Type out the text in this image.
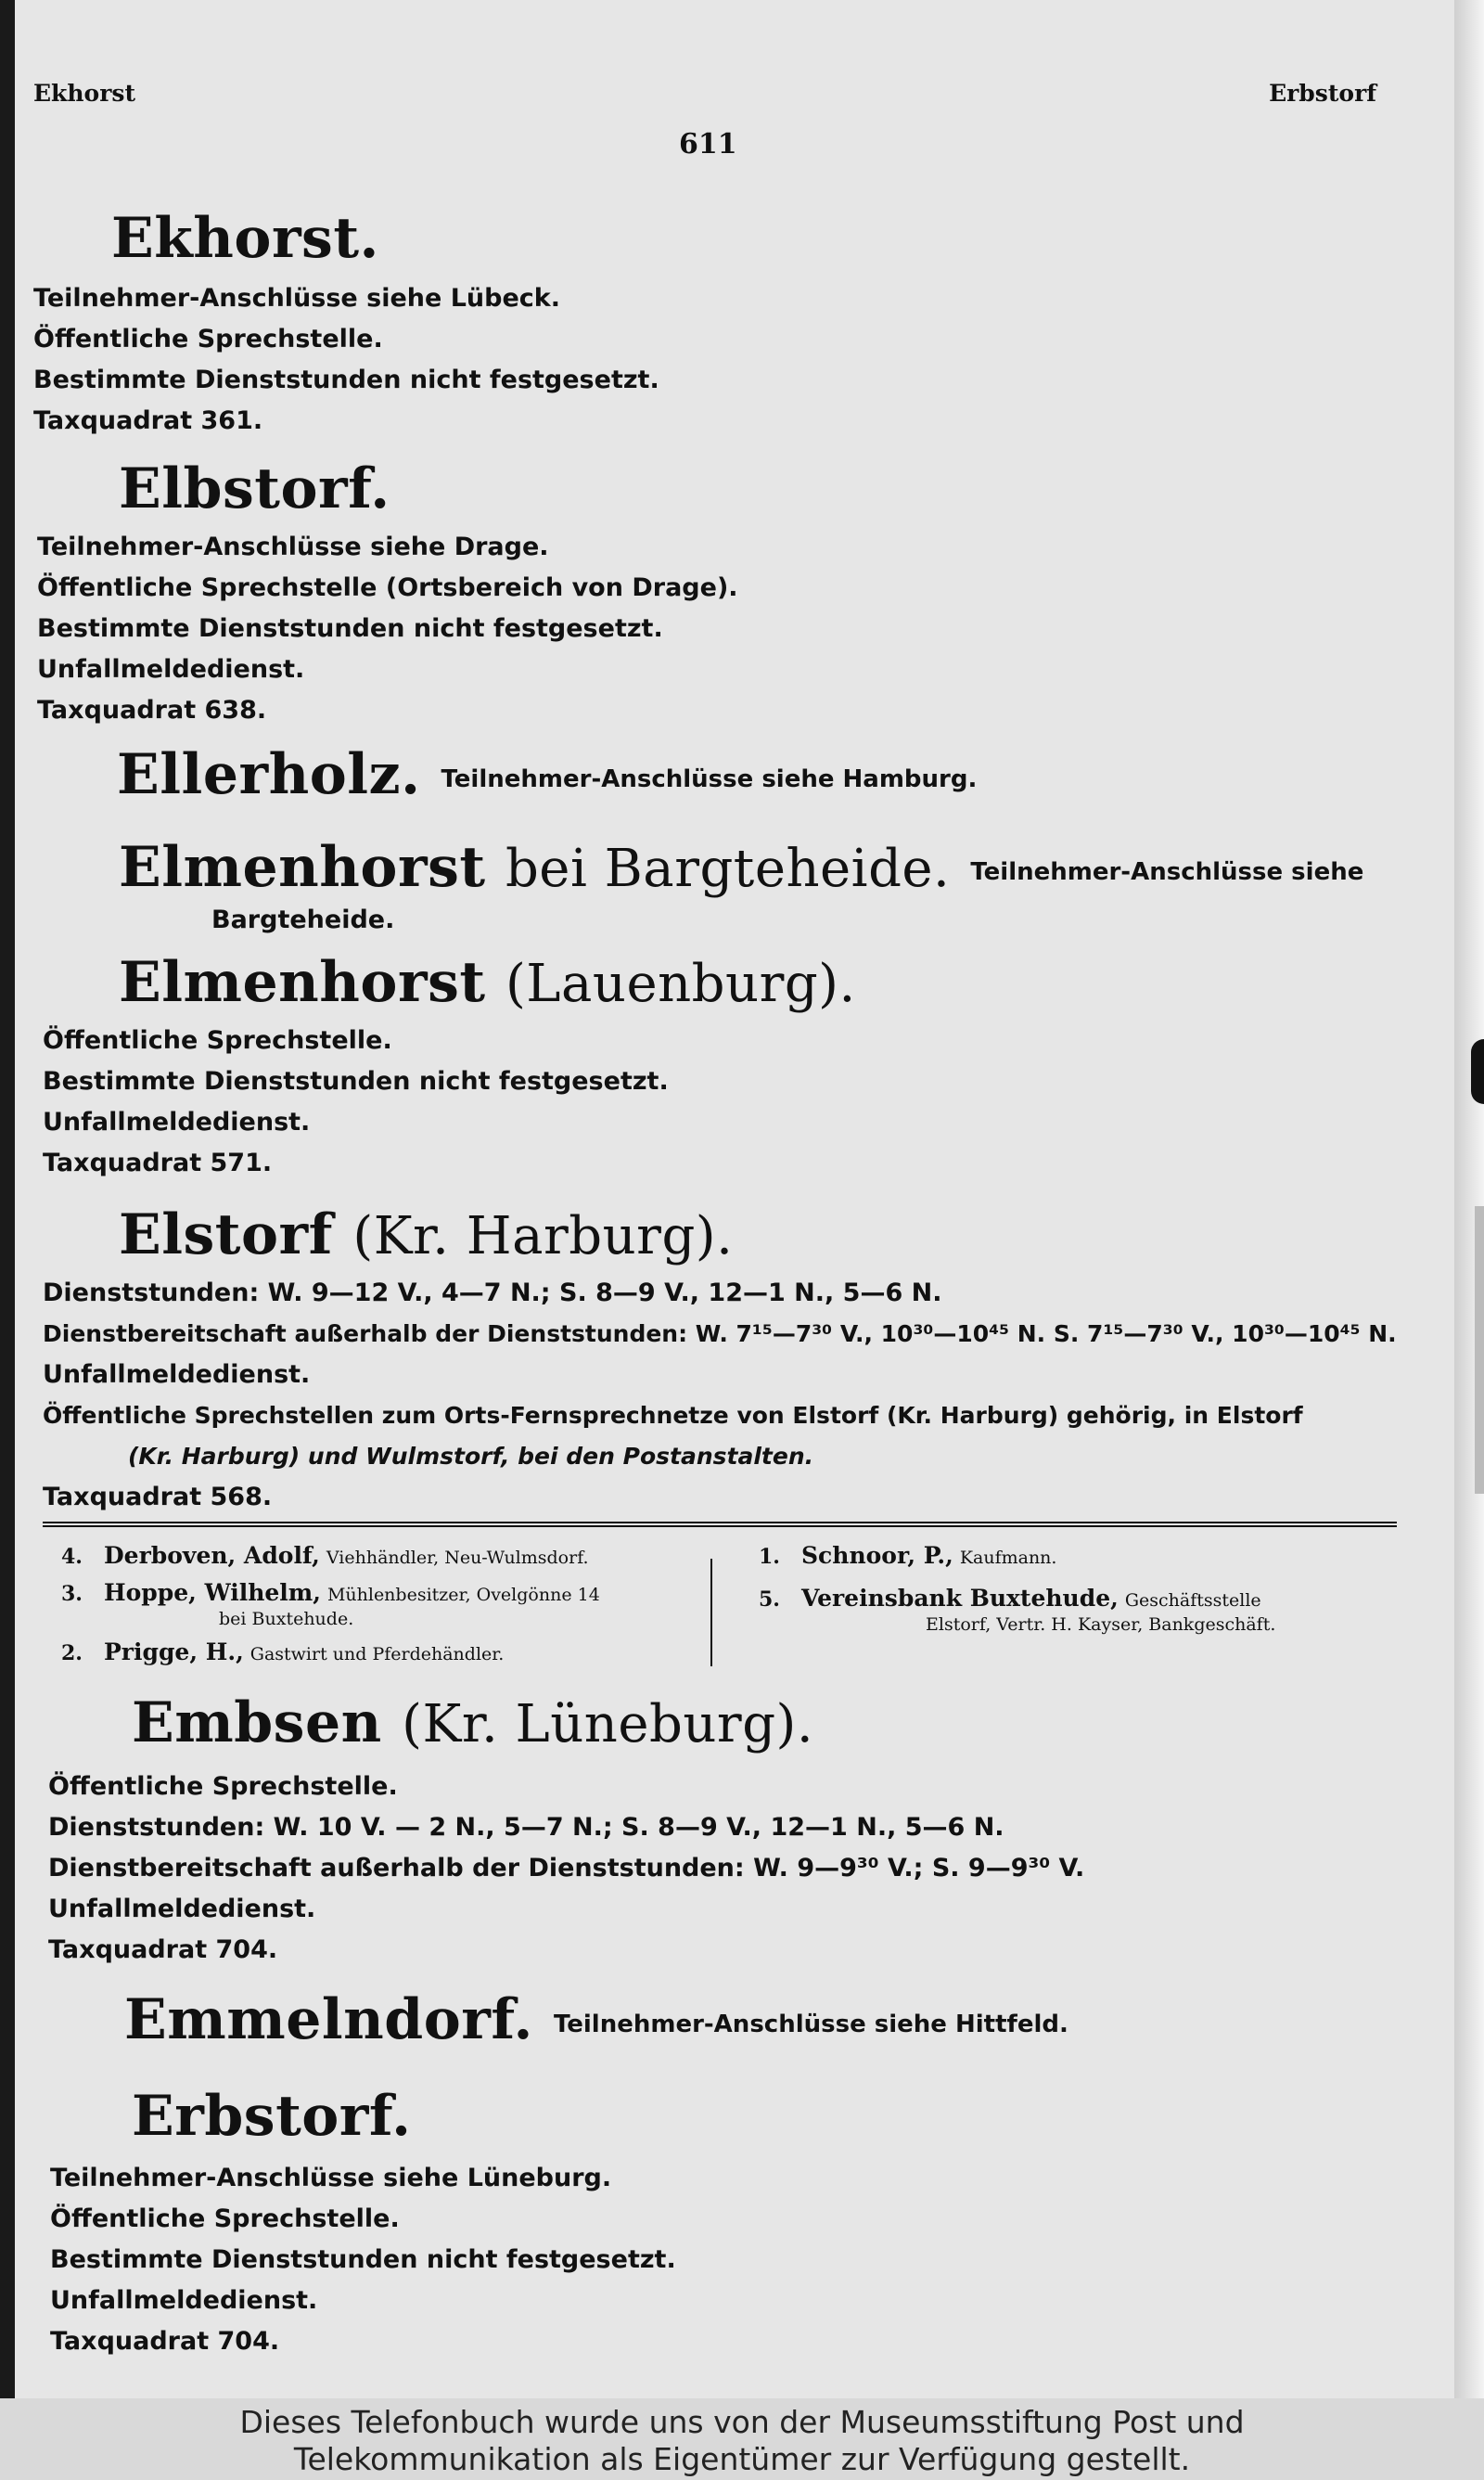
Ekhorst	Erbstorf
611
Ekhorst.
Teilnehmer-Anschlüsse siehe Lübeck.
Öffentliche Sprechstelle.
Bestimmte Dienststunden nicht festgesetzt.
Taxquadrat 361.
Elbstorf.
Teilnehmer-Anschlüsse siehe Drage.
Öffentliche Sprechstelle (Ortsbereich von Drage).
Bestimmte Dienststunden nicht festgesetzt.
Unfallmeldedienst.
Taxquadrat 638.
Ellerholz. Teilnehmer-Anschlüsse siehe Hamburg.
Elmenhorst bei Bargteheide. Teilnehmer-Anschlüsse siehe
Bargteheide.
Elmenhorst (Lauenburg).
Öffentliche Sprechstelle.
Bestimmte Dienststunden nicht festgesetzt.
Unfallmeldedienst.
Taxquadrat 571.
Elstorf (Kr. Harburg).
Dienststunden: W. 9—12 V., 4—7 N.; S. 8—9 V., 12—1 N., 5—6 N.
Dienstbereitschaft außerhalb der Dienststunden: W. 7¹⁵—7³⁰ V., 10³⁰—10⁴⁵ N. S. 7¹⁵—7³⁰ V., 10³⁰—10⁴⁵ N.
Unfallmeldedienst.
Öffentliche Sprechstellen zum Orts-Fernsprechnetze von Elstorf (Kr. Harburg) gehörig, in Elstorf
(Kr. Harburg) und Wulmstorf, bei den Postanstalten.
Taxquadrat 568.
4. Derboven, Adolf, Viehhändler, Neu-Wulmsdorf.
3. Hoppe, Wilhelm, Mühlenbesitzer, Ovelgönne 14
bei Buxtehude.
2. Prigge, H., Gastwirt und Pferdehändler.
1. Schnoor, P., Kaufmann.
5. Vereinsbank Buxtehude, Geschäftsstelle
Elstorf, Vertr. H. Kayser, Bankgeschäft.
Embsen (Kr. Lüneburg).
Öffentliche Sprechstelle.
Dienststunden: W. 10 V. — 2 N., 5—7 N.; S. 8—9 V., 12—1 N., 5—6 N.
Dienstbereitschaft außerhalb der Dienststunden: W. 9—9³⁰ V.; S. 9—9³⁰ V.
Unfallmeldedienst.
Taxquadrat 704.
Emmelndorf. Teilnehmer-Anschlüsse siehe Hittfeld.
Erbstorf.
Teilnehmer-Anschlüsse siehe Lüneburg.
Öffentliche Sprechstelle.
Bestimmte Dienststunden nicht festgesetzt.
Unfallmeldedienst.
Taxquadrat 704.
Dieses Telefonbuch wurde uns von der Museumsstiftung Post und
Telekommunikation als Eigentümer zur Verfügung gestellt.
